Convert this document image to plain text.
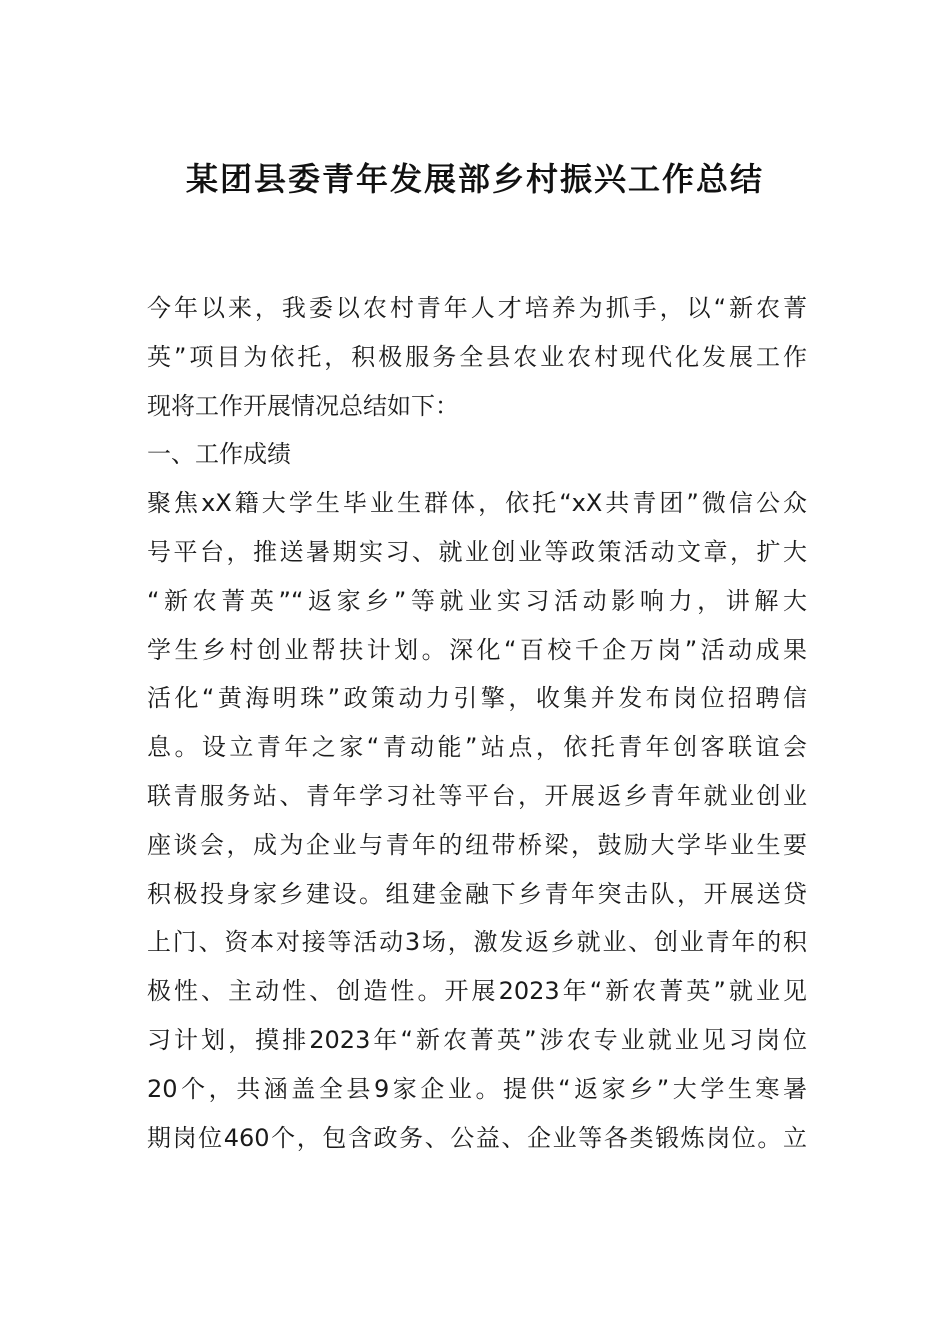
某团县委青年发展部乡村振兴工作总结
今年以来，我委以农村青年人才培养为抓手，以“新农菁
英”项目为依托，积极服务全县农业农村现代化发展工作
现将工作开展情况总结如下：
一、工作成绩
聚焦xX籍大学生毕业生群体，依托“xX共青团”微信公众
号平台，推送暑期实习、就业创业等政策活动文章，扩大
“新农菁英”“返家乡”等就业实习活动影响力，讲解大
学生乡村创业帮扶计划。深化“百校千企万岗”活动成果
活化“黄海明珠”政策动力引擎，收集并发布岗位招聘信
息。设立青年之家“青动能”站点，依托青年创客联谊会
联青服务站、青年学习社等平台，开展返乡青年就业创业
座谈会，成为企业与青年的纽带桥梁，鼓励大学毕业生要
积极投身家乡建设。组建金融下乡青年突击队，开展送贷
上门、资本对接等活动3场，激发返乡就业、创业青年的积
极性、主动性、创造性。开展2023年“新农菁英”就业见
习计划，摸排2023年“新农菁英”涉农专业就业见习岗位
20个，共涵盖全县9家企业。提供“返家乡”大学生寒暑
期岗位460个，包含政务、公益、企业等各类锻炼岗位。立
